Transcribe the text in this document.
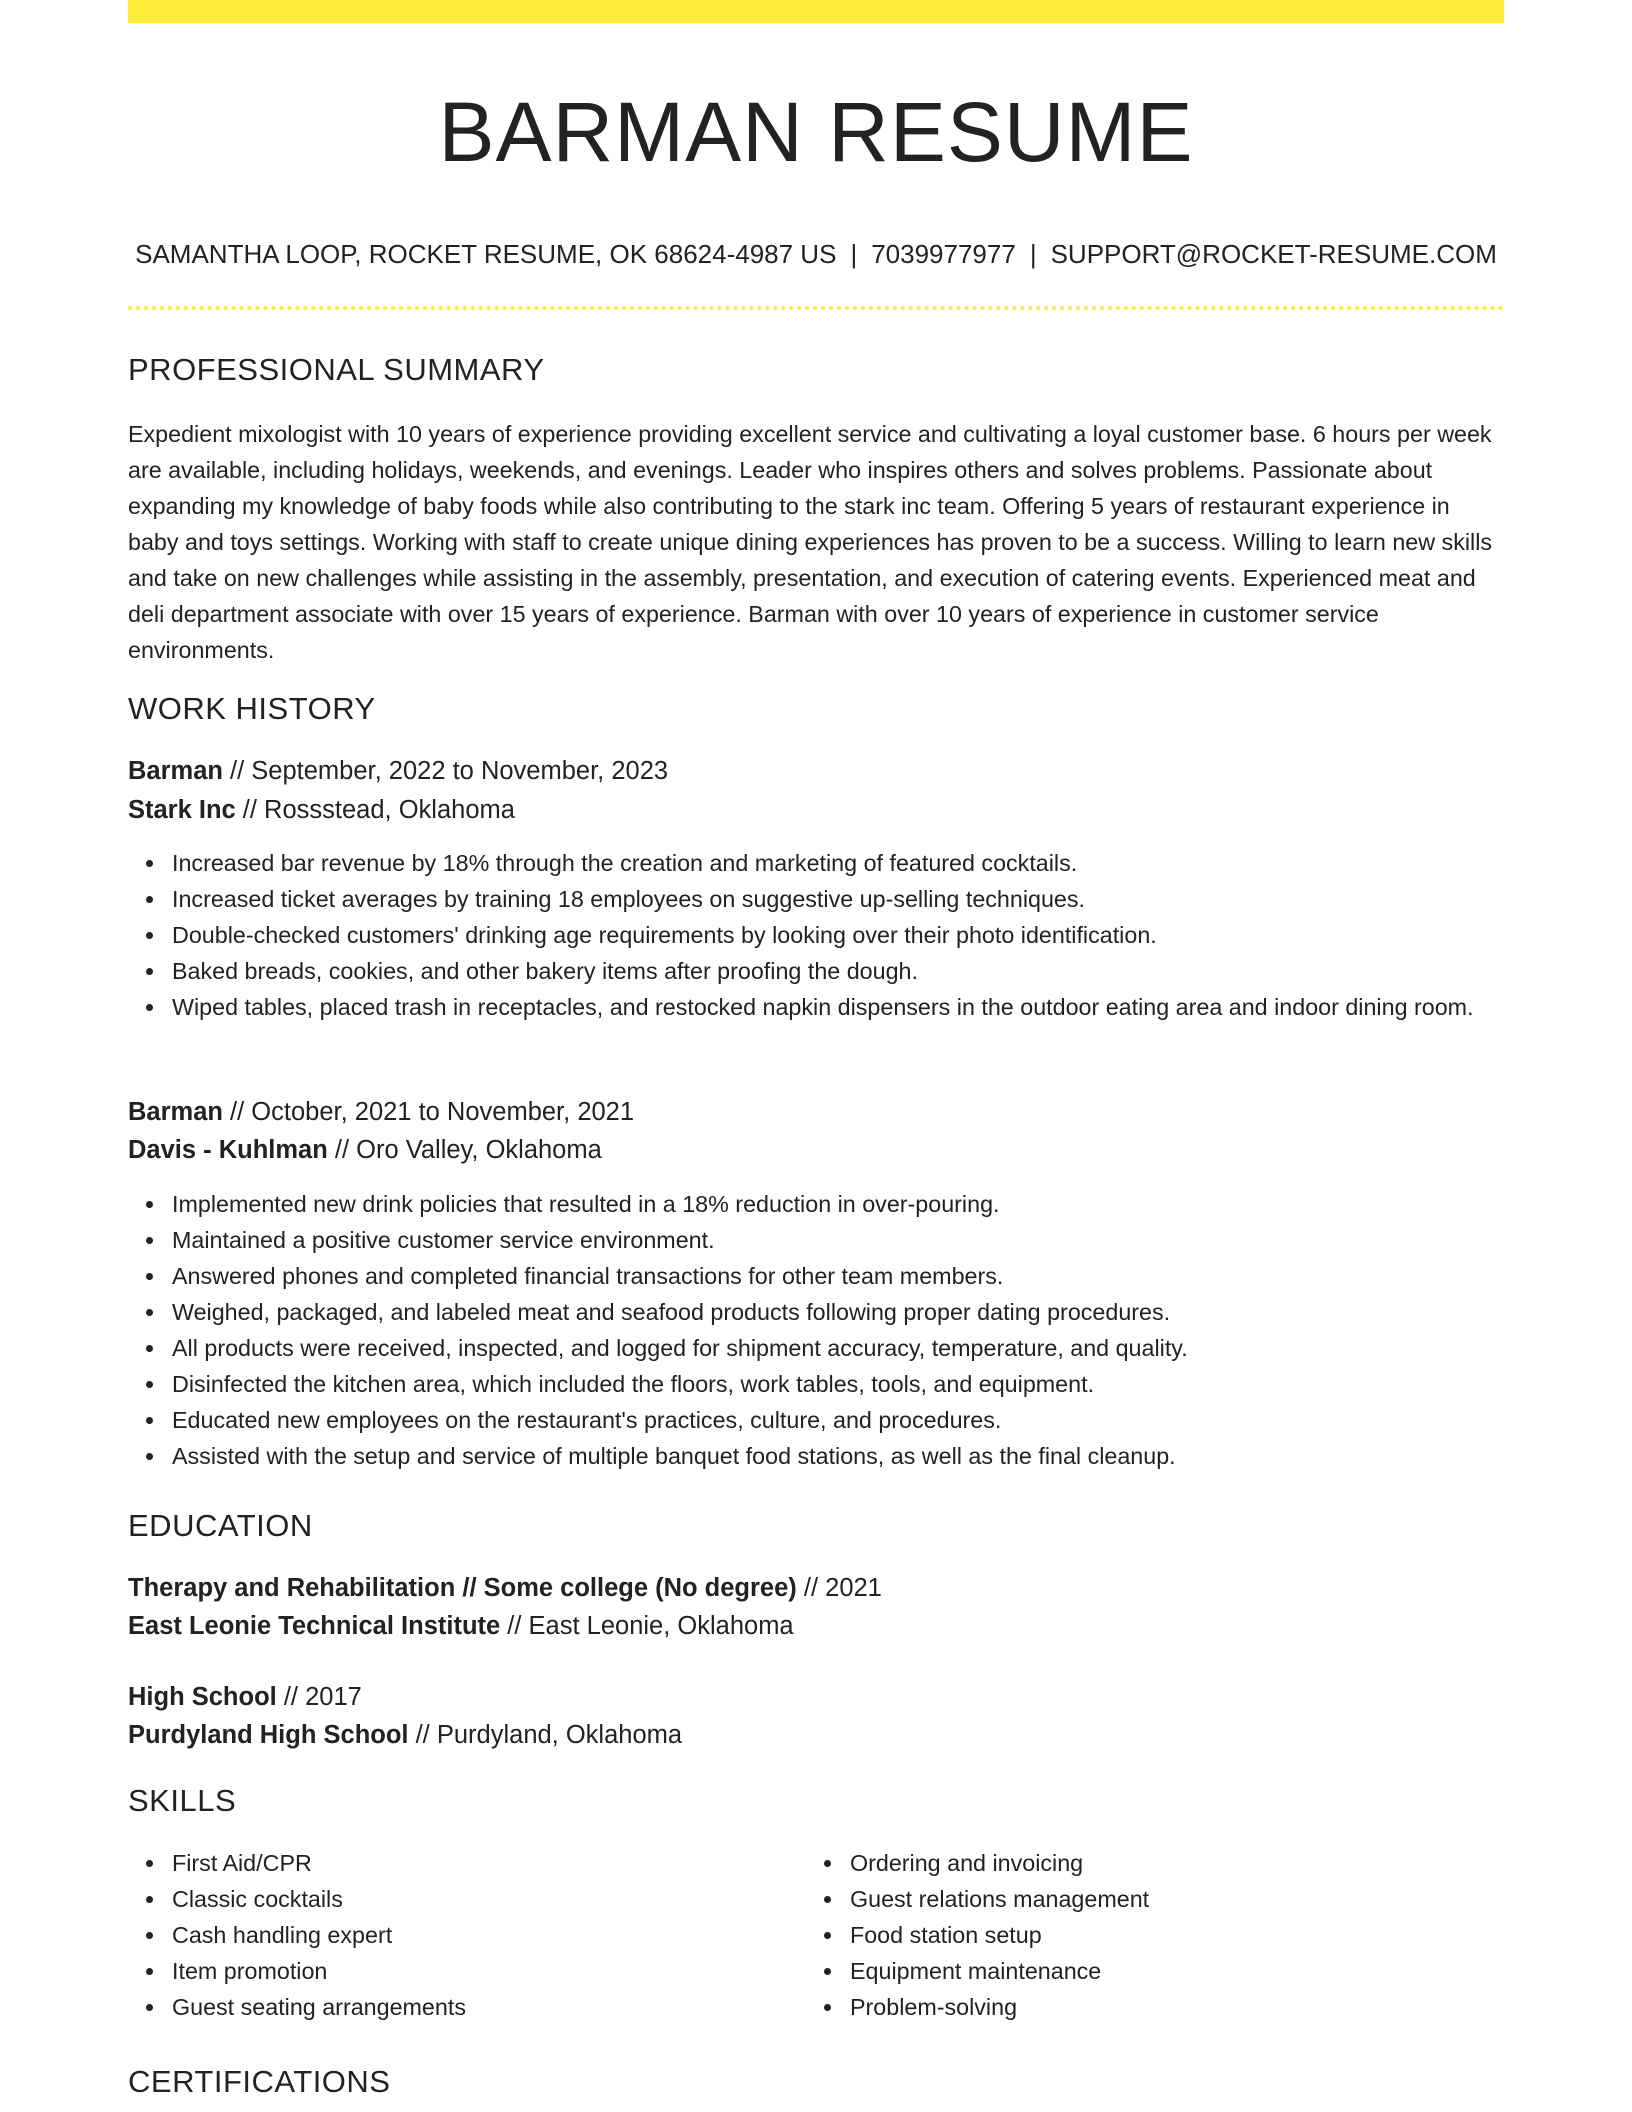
BARMAN RESUME
SAMANTHA LOOP, ROCKET RESUME, OK 68624-4987 US | 7039977977 | SUPPORT@ROCKET-RESUME.COM
PROFESSIONAL SUMMARY

Expedient mixologist with 10 years of experience providing excellent service and cultivating a loyal customer base. 6 hours per week are available, including holidays, weekends, and evenings. Leader who inspires others and solves problems. Passionate about expanding my knowledge of baby foods while also contributing to the stark inc team. Offering 5 years of restaurant experience in baby and toys settings. Working with staff to create unique dining experiences has proven to be a success. Willing to learn new skills and take on new challenges while assisting in the assembly, presentation, and execution of catering events. Experienced meat and deli department associate with over 15 years of experience. Barman with over 10 years of experience in customer service environments.

WORK HISTORY
Barman // September, 2022 to November, 2023
Stark Inc // Rossstead, Oklahoma
Increased bar revenue by 18% through the creation and marketing of featured cocktails.
Increased ticket averages by training 18 employees on suggestive up-selling techniques.
Double-checked customers' drinking age requirements by looking over their photo identification.
Baked breads, cookies, and other bakery items after proofing the dough.
Wiped tables, placed trash in receptacles, and restocked napkin dispensers in the outdoor eating area and indoor dining room.
Barman // October, 2021 to November, 2021
Davis - Kuhlman // Oro Valley, Oklahoma
Implemented new drink policies that resulted in a 18% reduction in over-pouring.
Maintained a positive customer service environment.
Answered phones and completed financial transactions for other team members.
Weighed, packaged, and labeled meat and seafood products following proper dating procedures.
All products were received, inspected, and logged for shipment accuracy, temperature, and quality.
Disinfected the kitchen area, which included the floors, work tables, tools, and equipment.
Educated new employees on the restaurant's practices, culture, and procedures.
Assisted with the setup and service of multiple banquet food stations, as well as the final cleanup.
EDUCATION
Therapy and Rehabilitation // Some college (No degree) // 2021
East Leonie Technical Institute // East Leonie, Oklahoma
High School // 2017
Purdyland High School // Purdyland, Oklahoma
SKILLS
First Aid/CPR
Classic cocktails
Cash handling expert
Item promotion
Guest seating arrangements
Ordering and invoicing
Guest relations management
Food station setup
Equipment maintenance
Problem-solving
CERTIFICATIONS
